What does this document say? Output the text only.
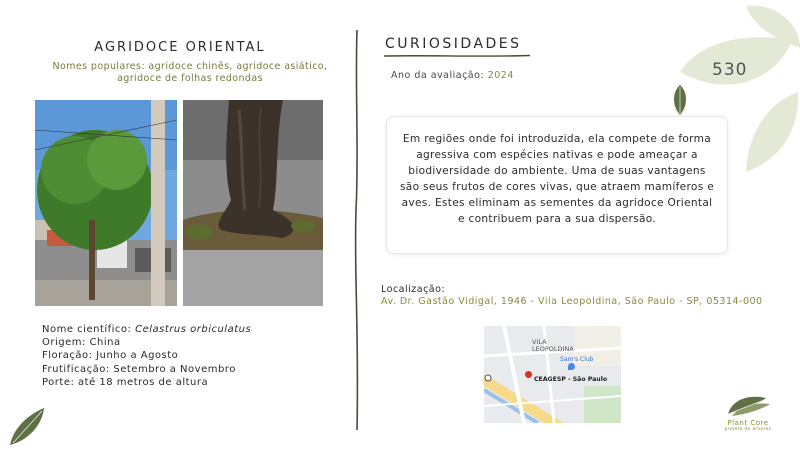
530
AGRIDOCE ORIENTAL
Nomes populares: agridoce chinês, agridoce asiático, agridoce de folhas redondas
Nome científico: Celastrus orbiculatus
Origem: China
Floração: Junho a Agosto
Frutificação: Setembro a Novembro
Porte: até 18 metros de altura
CURIOSIDADES
Ano da avaliação: 2024

Em regiões onde foi introduzida, ela compete de forma agressiva com espécies nativas e pode ameaçar a biodiversidade do ambiente. Uma de suas vantagens são seus frutos de cores vivas, que atraem mamíferos e aves. Estes eliminam as sementes da agridoce Oriental e contribuem para a sua dispersão.

Localização:
Av. Dr. Gastão Vidigal, 1946 - Vila Leopoldina, São Paulo - SP, 05314-000
VILA LEOPOLDINA
Sam's Club
CEAGESP - São Paulo
Plant Core
projeto de árvores
